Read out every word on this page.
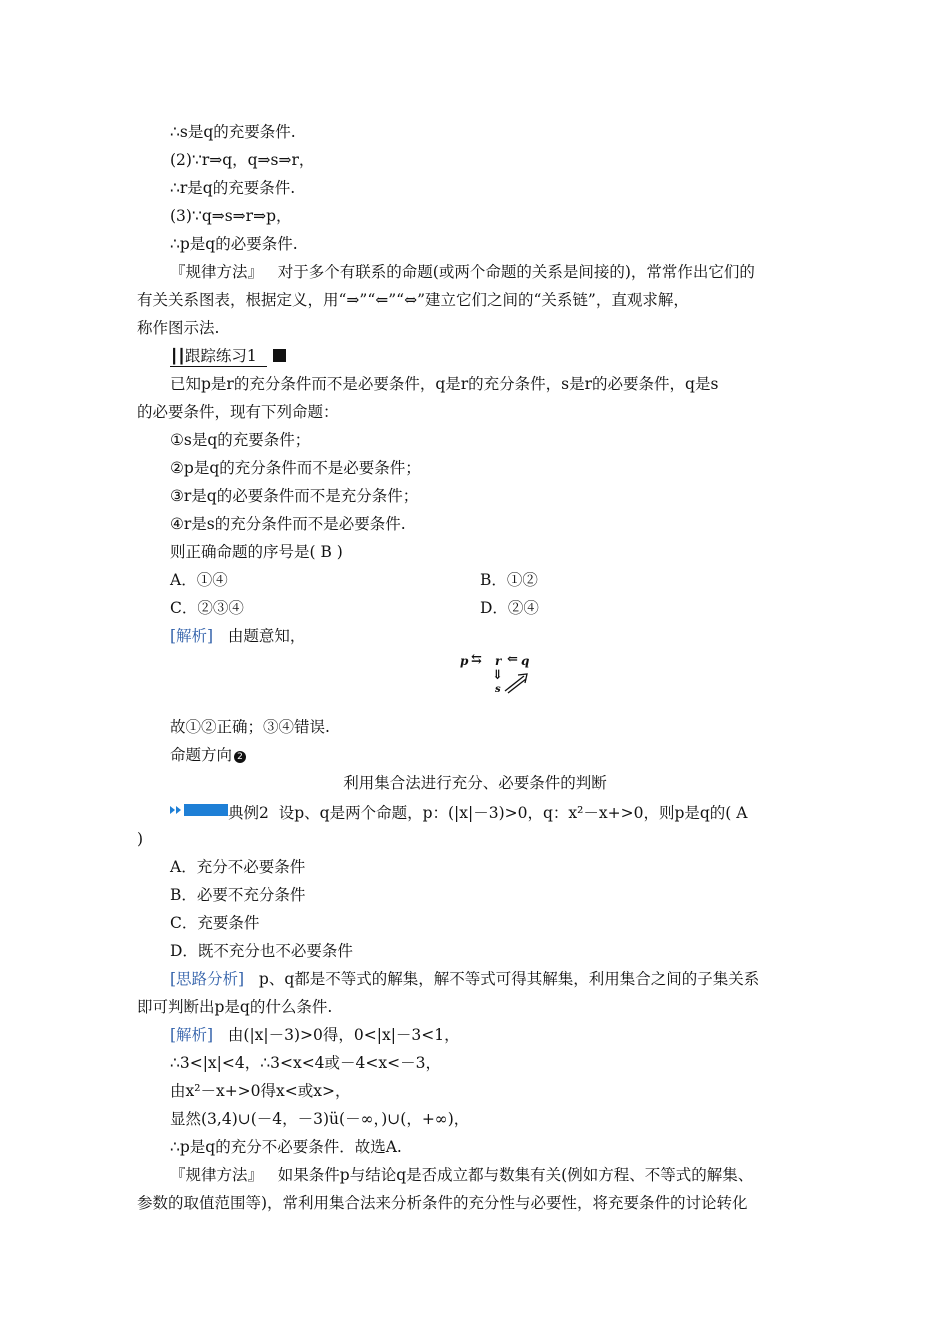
∴s是q的充要条件.
(2)∵r⇒q，q⇒s⇒r，
∴r是q的充要条件.
(3)∵q⇒s⇒r⇒p，
∴p是q的必要条件.
『规律方法』 对于多个有联系的命题(或两个命题的关系是间接的)，常常作出它们的
有关关系图表，根据定义，用“⇒”“⇐”“⇔”建立它们之间的“关系链”，直观求解，
称作图示法.
┃┃跟踪练习1
已知p是r的充分条件而不是必要条件，q是r的充分条件，s是r的必要条件，q是s
的必要条件，现有下列命题：
①s是q的充要条件；
②p是q的充分条件而不是必要条件；
③r是q的必要条件而不是充分条件；
④r是s的充分条件而不是必要条件.
则正确命题的序号是( B )
A．①④	B．①②
C．②③④	D．②④
[解析] 由题意知，
p ⇆ r ⇐ q
⇓
s
故①②正确；③④错误.
命题方向 2
利用集合法进行充分、必要条件的判断
典例2 设p、q是两个命题，p：(|x|－3)>0，q：x²－x+>0，则p是q的( A
)
A．充分不必要条件
B．必要不充分条件
C．充要条件
D．既不充分也不必要条件
[思路分析] p、q都是不等式的解集，解不等式可得其解集，利用集合之间的子集关系
即可判断出p是q的什么条件.
[解析] 由(|x|－3)>0得，0<|x|－3<1，
∴3<|x|<4，∴3<x<4或－4<x<－3，
由x²－x+>0得x<或x>，
显然(3,4)∪(－4，－3)ü(－∞，)∪(，+∞)，
∴p是q的充分不必要条件．故选A.
『规律方法』 如果条件p与结论q是否成立都与数集有关(例如方程、不等式的解集、
参数的取值范围等)，常利用集合法来分析条件的充分性与必要性，将充要条件的讨论转化
